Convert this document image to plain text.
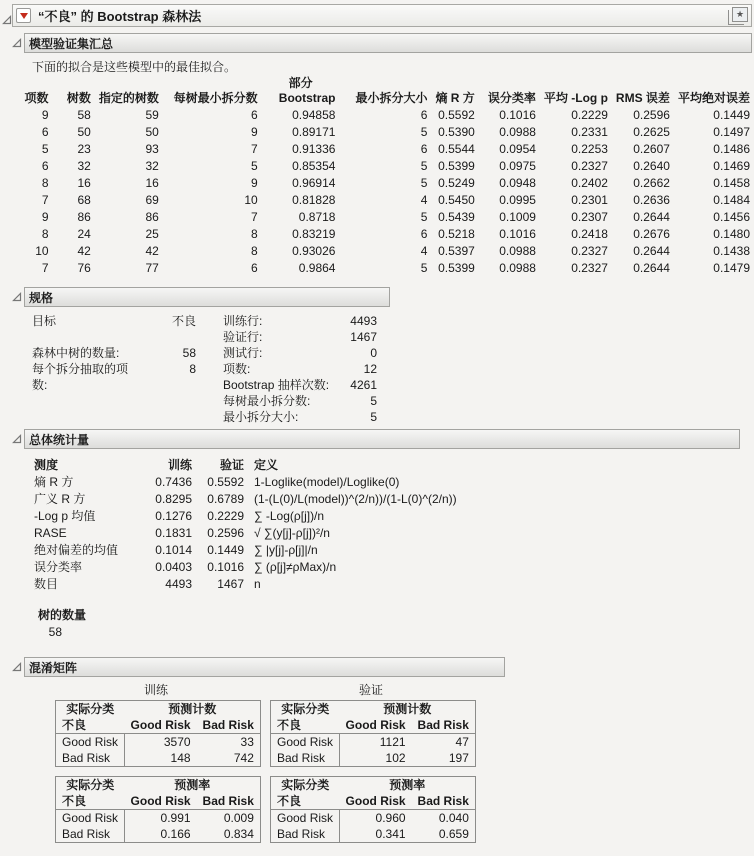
“不良” 的 Bootstrap 森林法	★
模型验证集汇总
下面的拟合是这些模型中的最佳拟合。
				部分						
项数	树数	指定的树数	每树最小拆分数	Bootstrap	最小拆分大小	熵 R 方	误分类率	平均 -Log p	RMS 误差	平均绝对误差
9	58	59	6	0.94858	6	0.5592	0.1016	0.2229	0.2596	0.1449
6	50	50	9	0.89171	5	0.5390	0.0988	0.2331	0.2625	0.1497
5	23	93	7	0.91336	6	0.5544	0.0954	0.2253	0.2607	0.1486
6	32	32	5	0.85354	5	0.5399	0.0975	0.2327	0.2640	0.1469
8	16	16	9	0.96914	5	0.5249	0.0948	0.2402	0.2662	0.1458
7	68	69	10	0.81828	4	0.5450	0.0995	0.2301	0.2636	0.1484
9	86	86	7	0.8718	5	0.5439	0.1009	0.2307	0.2644	0.1456
8	24	25	8	0.83219	6	0.5218	0.1016	0.2418	0.2676	0.1480
10	42	42	8	0.93026	4	0.5397	0.0988	0.2327	0.2644	0.1438
7	76	77	6	0.9864	5	0.5399	0.0988	0.2327	0.2644	0.1479
规格
目标	不良
森林中树的数量:	58
每个拆分抽取的项数:
8
训练行:	4493
验证行:	1467
测试行:	0
项数:	12
Bootstrap 抽样次数:	4261
每树最小拆分数:	5
最小拆分大小:	5
总体统计量
测度	训练	验证	定义
熵 R 方	0.7436	0.5592	1-Loglike(model)/Loglike(0)
广义 R 方	0.8295	0.6789	(1-(L(0)/L(model))^(2/n))/(1-L(0)^(2/n))
-Log p 均值	0.1276	0.2229	∑ -Log(ρ[j])/n
RASE	0.1831	0.2596	√ ∑(y[j]-ρ[j])²/n
绝对偏差的均值	0.1014	0.1449	∑ |y[j]-ρ[j]|/n
误分类率	0.0403	0.1016	∑ (ρ[j]≠ρMax)/n
数目	4493	1467	n
树的数量
58
混淆矩阵
训练	验证
实际分类	预测计数	
不良	Good Risk	Bad Risk
Good Risk	3570	33
Bad Risk	148	742
实际分类	预测计数	
不良	Good Risk	Bad Risk
Good Risk	1121	47
Bad Risk	102	197
实际分类	预测率	
不良	Good Risk	Bad Risk
Good Risk	0.991	0.009
Bad Risk	0.166	0.834
实际分类	预测率	
不良	Good Risk	Bad Risk
Good Risk	0.960	0.040
Bad Risk	0.341	0.659
